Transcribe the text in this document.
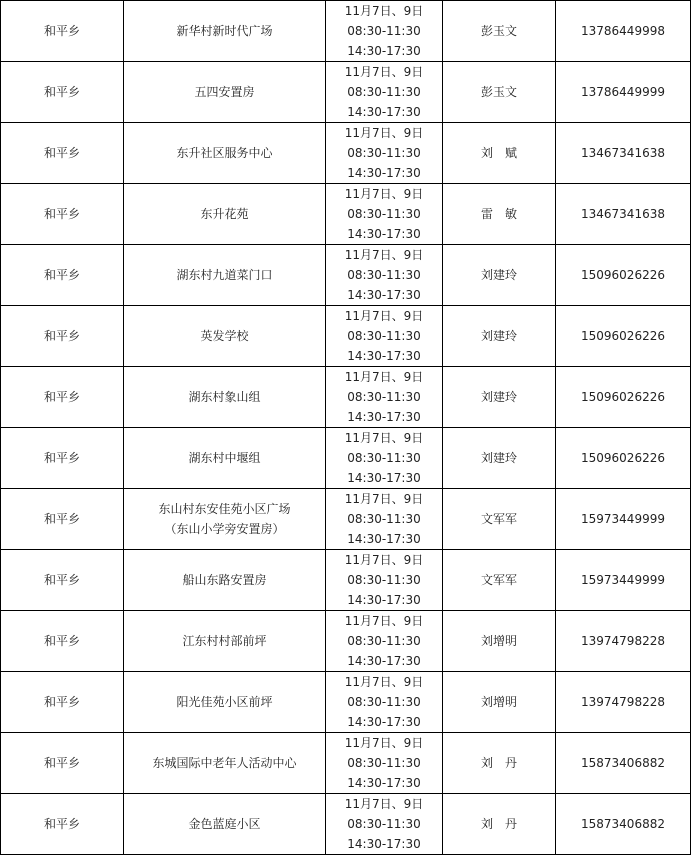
和平乡	新华村新时代广场	11月7日、9日
08:30-11:30
14:30-17:30	彭玉文	13786449998
和平乡	五四安置房	11月7日、9日
08:30-11:30
14:30-17:30	彭玉文	13786449999
和平乡	东升社区服务中心	11月7日、9日
08:30-11:30
14:30-17:30	刘　赋	13467341638
和平乡	东升花苑	11月7日、9日
08:30-11:30
14:30-17:30	雷　敏	13467341638
和平乡	湖东村九道菜门口	11月7日、9日
08:30-11:30
14:30-17:30	刘建玲	15096026226
和平乡	英发学校	11月7日、9日
08:30-11:30
14:30-17:30	刘建玲	15096026226
和平乡	湖东村象山组	11月7日、9日
08:30-11:30
14:30-17:30	刘建玲	15096026226
和平乡	湖东村中堰组	11月7日、9日
08:30-11:30
14:30-17:30	刘建玲	15096026226
和平乡	东山村东安佳苑小区广场
（东山小学旁安置房）	11月7日、9日
08:30-11:30
14:30-17:30	文军军	15973449999
和平乡	船山东路安置房	11月7日、9日
08:30-11:30
14:30-17:30	文军军	15973449999
和平乡	江东村村部前坪	11月7日、9日
08:30-11:30
14:30-17:30	刘增明	13974798228
和平乡	阳光佳苑小区前坪	11月7日、9日
08:30-11:30
14:30-17:30	刘增明	13974798228
和平乡	东城国际中老年人活动中心	11月7日、9日
08:30-11:30
14:30-17:30	刘　丹	15873406882
和平乡	金色蓝庭小区	11月7日、9日
08:30-11:30
14:30-17:30	刘　丹	15873406882
